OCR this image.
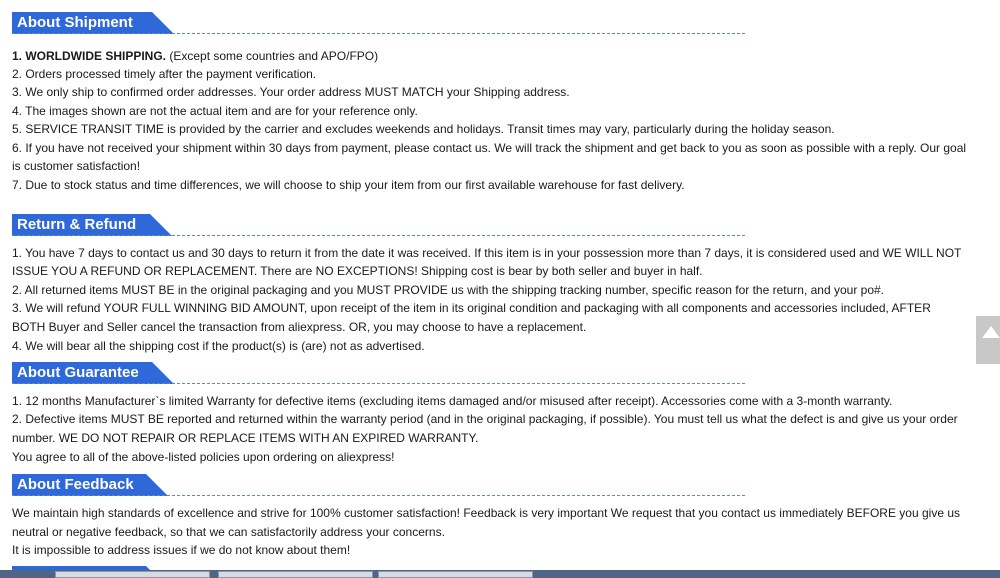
About Shipment
1. WORLDWIDE SHIPPING. (Except some countries and APO/FPO)
2. Orders processed timely after the payment verification.
3. We only ship to confirmed order addresses. Your order address MUST MATCH your Shipping address.
4. The images shown are not the actual item and are for your reference only.
5. SERVICE TRANSIT TIME is provided by the carrier and excludes weekends and holidays. Transit times may vary, particularly during the holiday season.
6. If you have not received your shipment within 30 days from payment, please contact us. We will track the shipment and get back to you as soon as possible with a reply. Our goal
is customer satisfaction!
7. Due to stock status and time differences, we will choose to ship your item from our first available warehouse for fast delivery.
Return & Refund
1. You have 7 days to contact us and 30 days to return it from the date it was received. If this item is in your possession more than 7 days, it is considered used and WE WILL NOT
ISSUE YOU A REFUND OR REPLACEMENT. There are NO EXCEPTIONS! Shipping cost is bear by both seller and buyer in half.
2. All returned items MUST BE in the original packaging and you MUST PROVIDE us with the shipping tracking number, specific reason for the return, and your po#.
3. We will refund YOUR FULL WINNING BID AMOUNT, upon receipt of the item in its original condition and packaging with all components and accessories included, AFTER
BOTH Buyer and Seller cancel the transaction from aliexpress. OR, you may choose to have a replacement.
4. We will bear all the shipping cost if the product(s) is (are) not as advertised.
About Guarantee
1. 12 months Manufacturer`s limited Warranty for defective items (excluding items damaged and/or misused after receipt). Accessories come with a 3-month warranty.
2. Defective items MUST BE reported and returned within the warranty period (and in the original packaging, if possible). You must tell us what the defect is and give us your order
number. WE DO NOT REPAIR OR REPLACE ITEMS WITH AN EXPIRED WARRANTY.
You agree to all of the above-listed policies upon ordering on aliexpress!
About Feedback
We maintain high standards of excellence and strive for 100% customer satisfaction! Feedback is very important We request that you contact us immediately BEFORE you give us
neutral or negative feedback, so that we can satisfactorily address your concerns.
It is impossible to address issues if we do not know about them!
